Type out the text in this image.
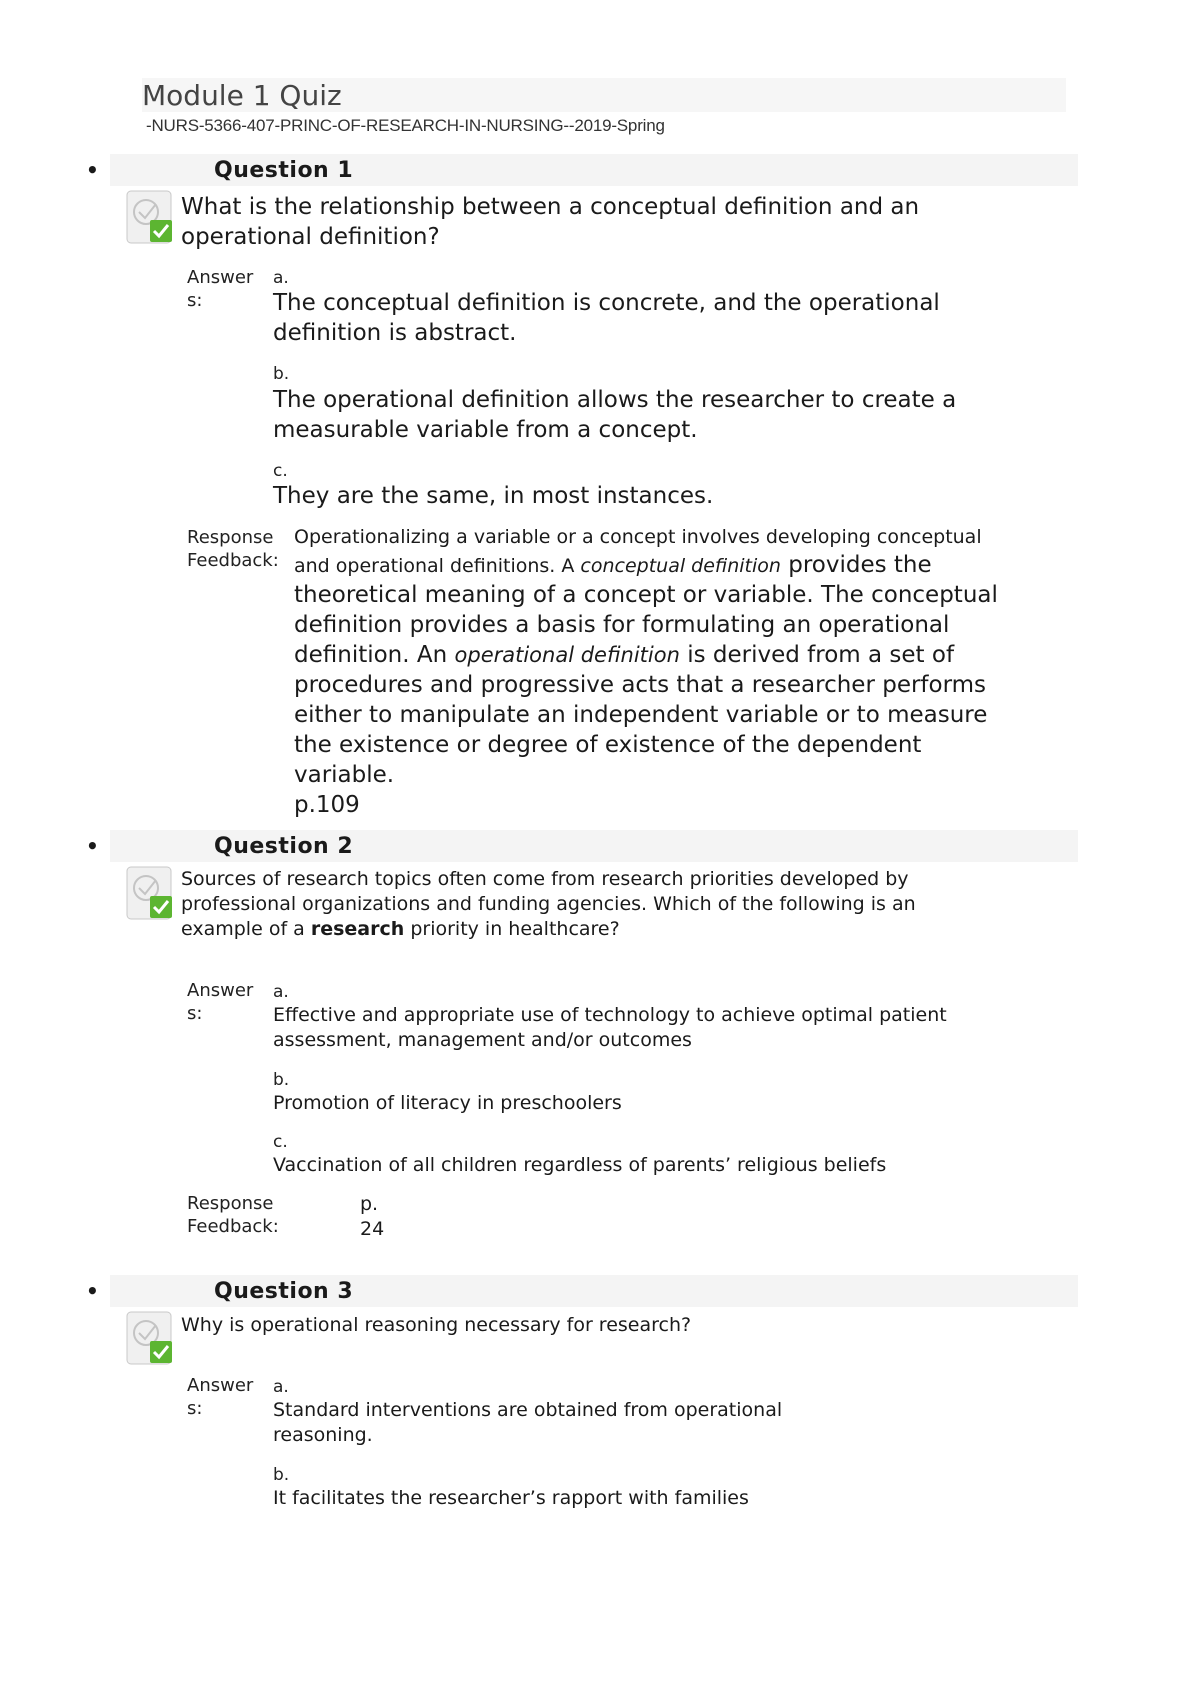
Module 1 Quiz
-NURS-5366-407-PRINC-OF-RESEARCH-IN-NURSING--2019-Spring
•	Question 1
What is the relationship between a conceptual definition and an
operational definition?
Answer
s:
a.
The conceptual definition is concrete, and the operational
definition is abstract.
b.
The operational definition allows the researcher to create a
measurable variable from a concept.
c.
They are the same, in most instances.
Response
Feedback:
Operationalizing a variable or a concept involves developing conceptual
and operational definitions. A conceptual definition provides the
theoretical meaning of a concept or variable. The conceptual
definition provides a basis for formulating an operational
definition. An operational definition is derived from a set of
procedures and progressive acts that a researcher performs
either to manipulate an independent variable or to measure
the existence or degree of existence of the dependent
variable.
p.109
•	Question 2
Sources of research topics often come from research priorities developed by
professional organizations and funding agencies. Which of the following is an
example of a research priority in healthcare?
Answer
s:
a.
Effective and appropriate use of technology to achieve optimal patient
assessment, management and/or outcomes
b.
Promotion of literacy in preschoolers
c.
Vaccination of all children regardless of parents’ religious beliefs
Response
Feedback:
p.
24
•	Question 3
Why is operational reasoning necessary for research?
Answer
s:
a.
Standard interventions are obtained from operational
reasoning.
b.
It facilitates the researcher’s rapport with families
